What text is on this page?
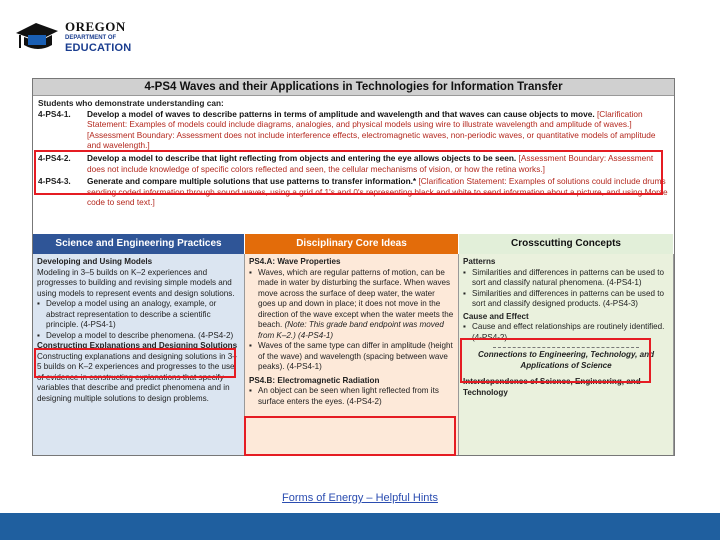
OREGON
DEPARTMENT OF
EDUCATION
4-PS4 Waves and their Applications in Technologies for Information Transfer
Students who demonstrate understanding can:
4-PS4-1.	Develop a model of waves to describe patterns in terms of amplitude and wavelength and that waves can cause objects to move. [Clarification Statement: Examples of models could include diagrams, analogies, and physical models using wire to illustrate wavelength and amplitude of waves.] [Assessment Boundary: Assessment does not include interference effects, electromagnetic waves, non-periodic waves, or quantitative models of amplitude and wavelength.]
4-PS4-2.	Develop a model to describe that light reflecting from objects and entering the eye allows objects to be seen. [Assessment Boundary: Assessment does not include knowledge of specific colors reflected and seen, the cellular mechanisms of vision, or how the retina works.]
4-PS4-3.	Generate and compare multiple solutions that use patterns to transfer information.* [Clarification Statement: Examples of solutions could include drums sending coded information through sound waves, using a grid of 1's and 0's representing black and white to send information about a picture, and using Morse code to send text.]
Science and Engineering Practices	Disciplinary Core Ideas	Crosscutting Concepts
Developing and Using Models
Modeling in 3–5 builds on K–2 experiences and progresses to building and revising simple models and using models to represent events and design solutions.
▪ Develop a model using an analogy, example, or abstract representation to describe a scientific principle. (4-PS4-1)
▪ Develop a model to describe phenomena. (4-PS4-2)
Constructing Explanations and Designing Solutions
Constructing explanations and designing solutions in 3–5 builds on K–2 experiences and progresses to the use of evidence in constructing explanations that specify variables that describe and predict phenomena and in designing multiple solutions to design problems.
PS4.A: Wave Properties
▪ Waves, which are regular patterns of motion, can be made in water by disturbing the surface. When waves move across the surface of deep water, the water goes up and down in place; it does not move in the direction of the wave except when the water meets the beach. (Note: This grade band endpoint was moved from K–2.) (4-PS4-1)
▪ Waves of the same type can differ in amplitude (height of the wave) and wavelength (spacing between wave peaks). (4-PS4-1)
PS4.B: Electromagnetic Radiation
▪ An object can be seen when light reflected from its surface enters the eyes. (4-PS4-2)
Patterns
▪ Similarities and differences in patterns can be used to sort and classify natural phenomena. (4-PS4-1)
▪ Similarities and differences in patterns can be used to sort and classify designed products. (4-PS4-3)
Cause and Effect
▪ Cause and effect relationships are routinely identified. (4-PS4-2)
Connections to Engineering, Technology, and Applications of Science
Interdependence of Science, Engineering, and Technology
Forms of Energy – Helpful Hints
